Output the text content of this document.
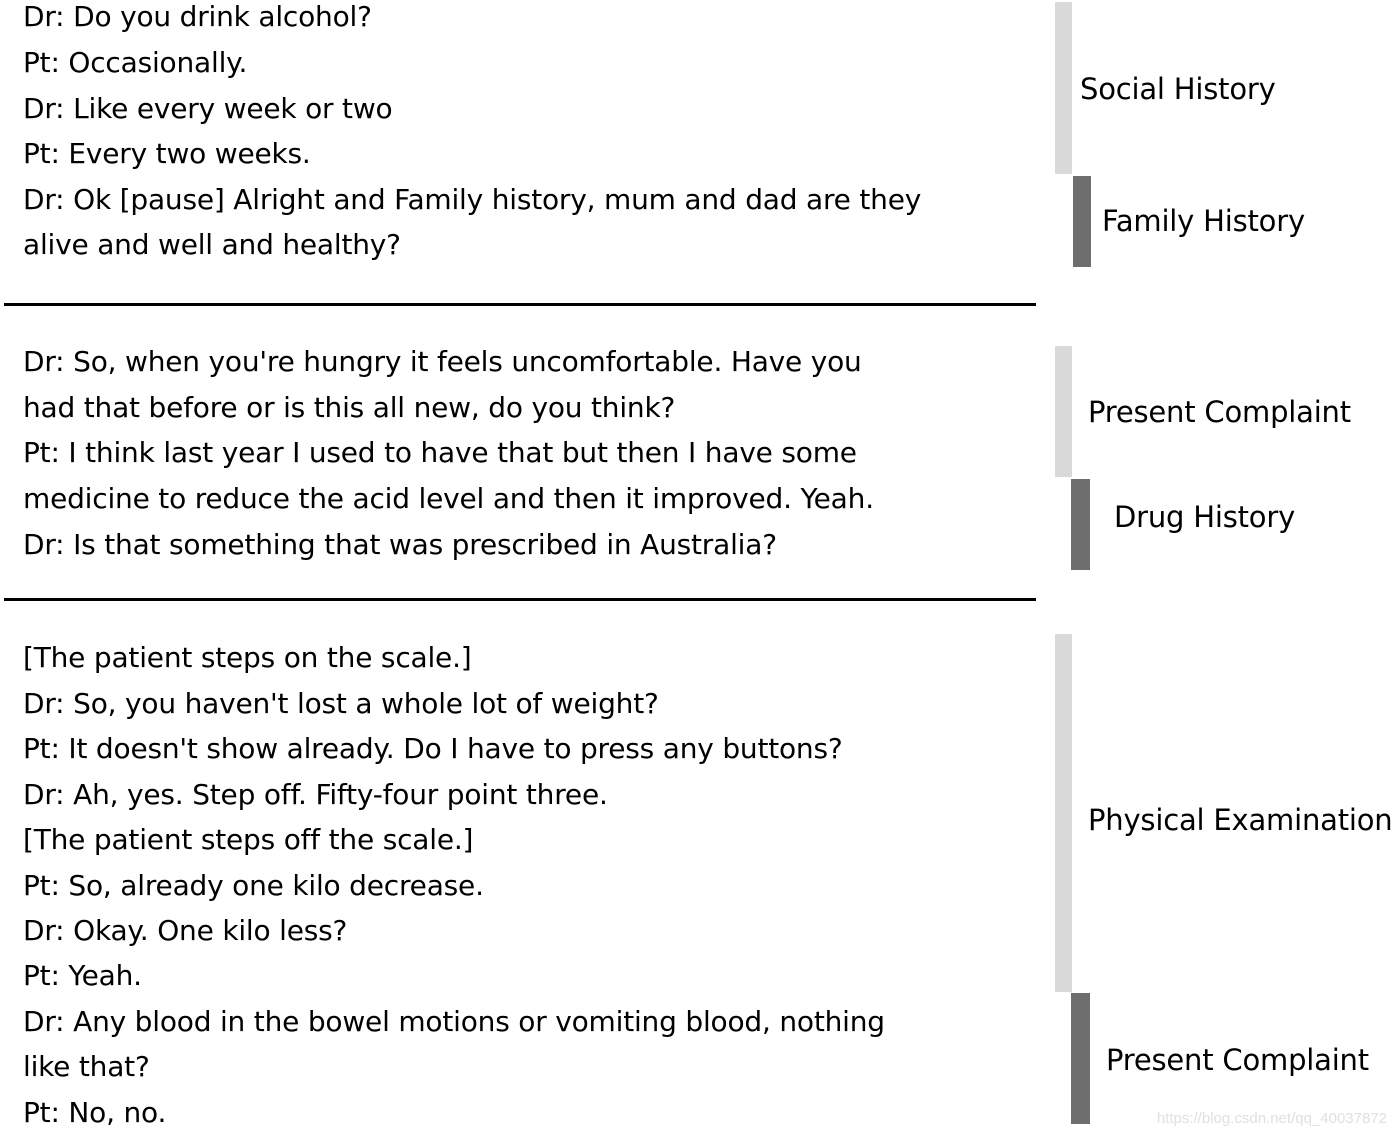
Dr: Do you drink alcohol?
Pt: Occasionally.
Dr: Like every week or two
Pt: Every two weeks.
Dr: Ok [pause] Alright and Family history, mum and dad are they
alive and well and healthy?
Social History
Family History
Dr: So, when you're hungry it feels uncomfortable. Have you
had that before or is this all new, do you think?
Pt: I think last year I used to have that but then I have some
medicine to reduce the acid level and then it improved. Yeah.
Dr: Is that something that was prescribed in Australia?
Present Complaint
Drug History
[The patient steps on the scale.]
Dr: So, you haven't lost a whole lot of weight?
Pt: It doesn't show already. Do I have to press any buttons?
Dr: Ah, yes. Step off. Fifty-four point three.
[The patient steps off the scale.]
Pt: So, already one kilo decrease.
Dr: Okay. One kilo less?
Pt: Yeah.
Dr: Any blood in the bowel motions or vomiting blood, nothing
like that?
Pt: No, no.
Physical Examination
Present Complaint
https://blog.csdn.net/qq_40037872
